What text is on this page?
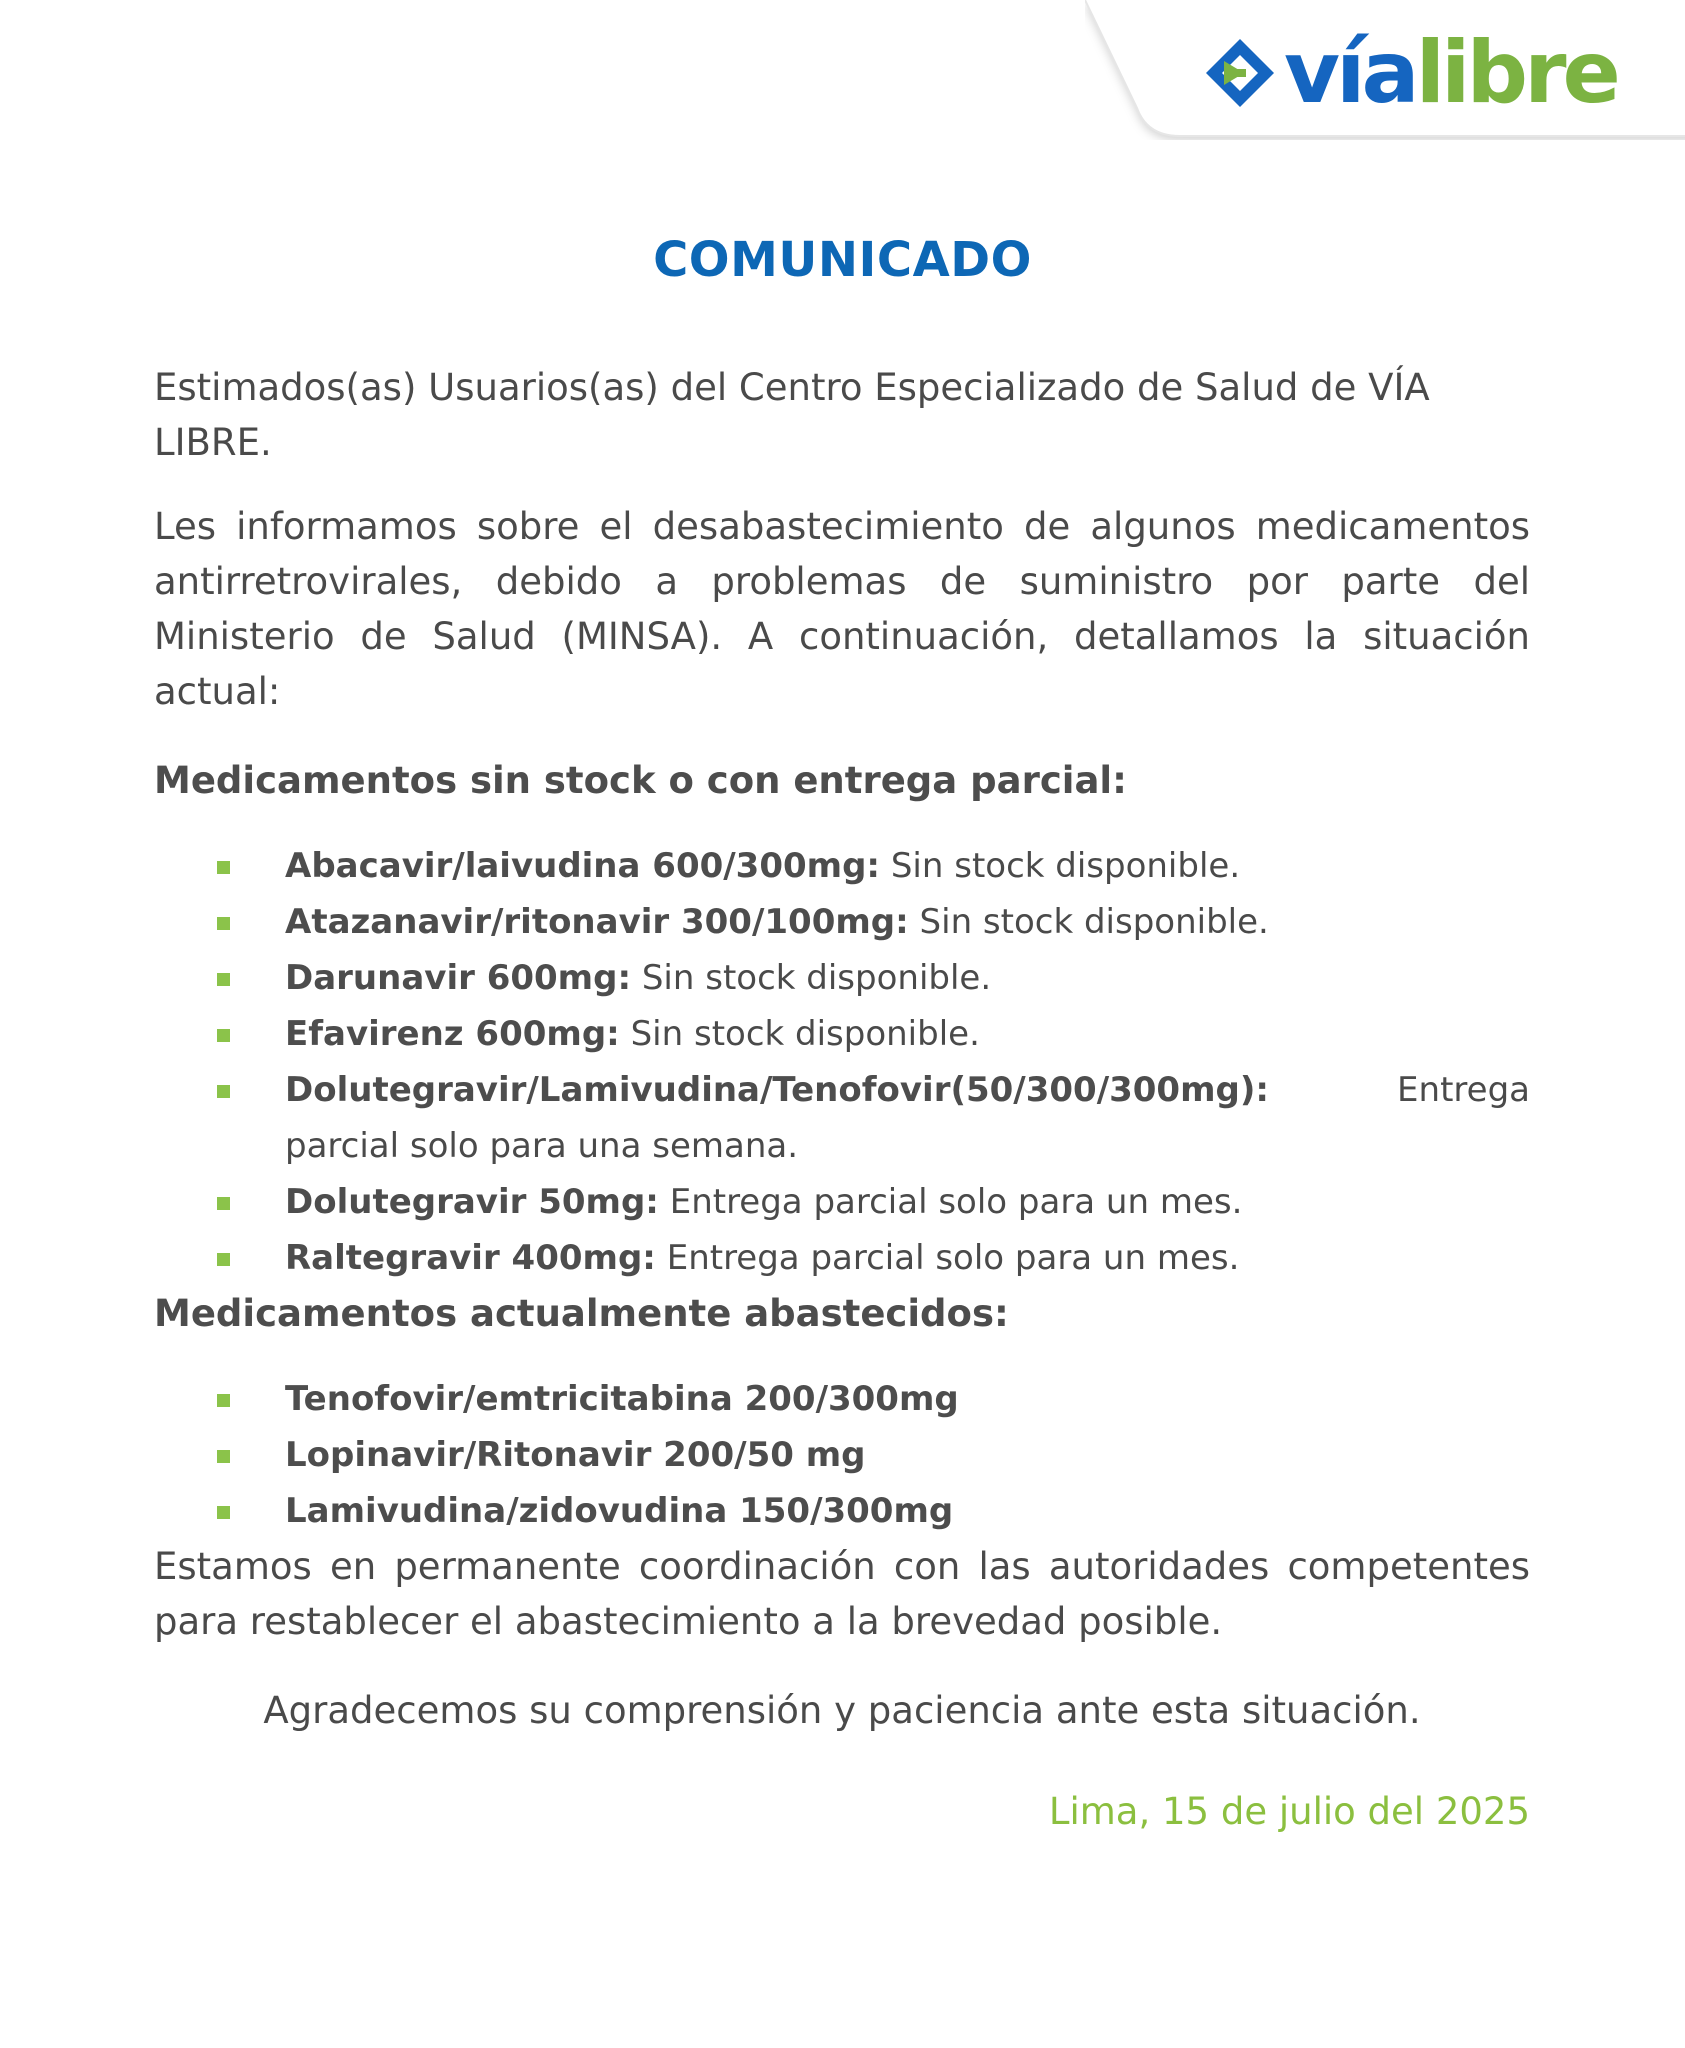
víalibre
COMUNICADO

Estimados(as) Usuarios(as) del Centro Especializado de Salud de VÍA LIBRE.

Les informamos sobre el desabastecimiento de algunos medicamentos antirretrovirales, debido a problemas de suministro por parte del Ministerio de Salud (MINSA). A continuación, detallamos la situación actual:

Medicamentos sin stock o con entrega parcial:
Abacavir/laivudina 600/300mg: Sin stock disponible.
Atazanavir/ritonavir 300/100mg: Sin stock disponible.
Darunavir 600mg: Sin stock disponible.
Efavirenz 600mg: Sin stock disponible.
Dolutegravir/Lamivudina/Tenofovir(50/300/300mg): Entrega parcial solo para una semana.
Dolutegravir 50mg: Entrega parcial solo para un mes.
Raltegravir 400mg: Entrega parcial solo para un mes.
Medicamentos actualmente abastecidos:
Tenofovir/emtricitabina 200/300mg
Lopinavir/Ritonavir 200/50 mg
Lamivudina/zidovudina 150/300mg

Estamos en permanente coordinación con las autoridades competentes para restablecer el abastecimiento a la brevedad posible.

Agradecemos su comprensión y paciencia ante esta situación.

Lima, 15 de julio del 2025
